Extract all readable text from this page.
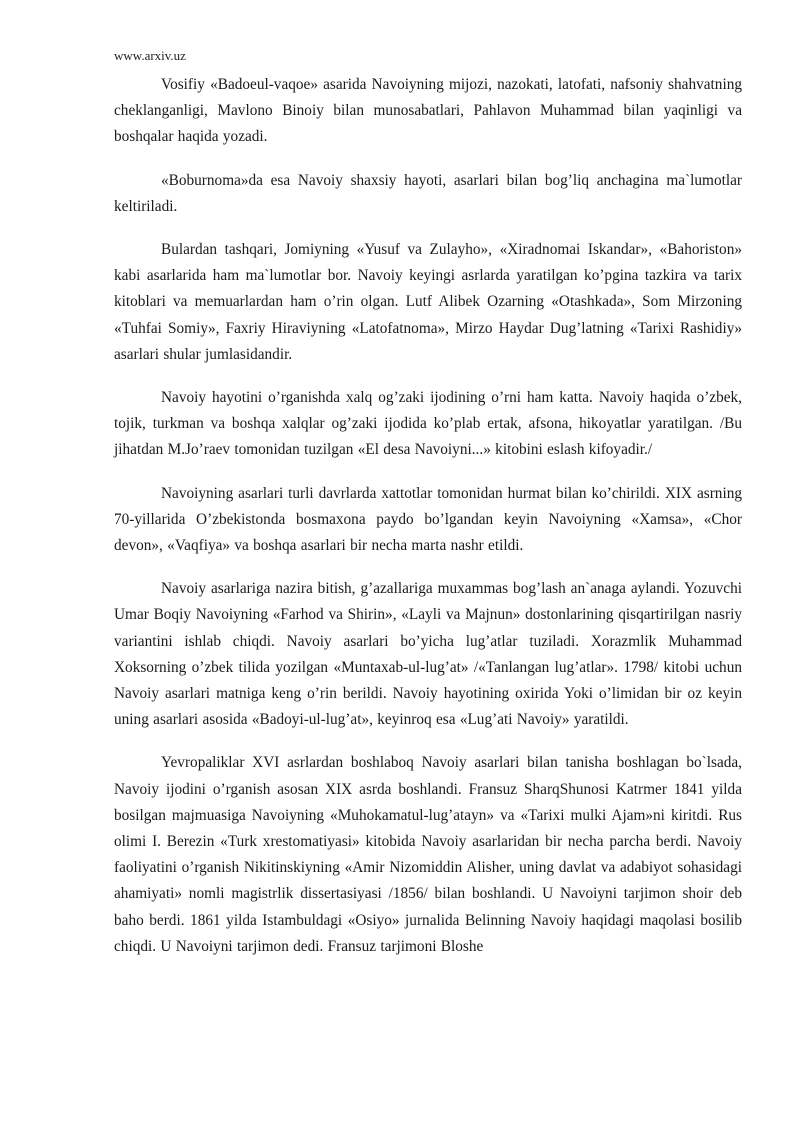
www.arxiv.uz

Vosifiy «Badoeul-vaqoe» asarida Navoiyning mijozi, nazokati, latofati, nafsoniy shahvatning cheklanganligi, Mavlono Binoiy bilan munosabatlari, Pahlavon Muhammad bilan yaqinligi va boshqalar haqida yozadi.

«Boburnoma»da esa Navoiy shaxsiy hayoti, asarlari bilan bog’liq anchagina ma`lumotlar keltiriladi.

Bulardan tashqari, Jomiyning «Yusuf va Zulayho», «Xiradnomai Iskandar», «Bahoriston» kabi asarlarida ham ma`lumotlar bor. Navoiy keyingi asrlarda yaratilgan ko’pgina tazkira va tarix kitoblari va memuarlardan ham o’rin olgan. Lutf Alibek Ozarning «Otashkada», Som Mirzoning «Tuhfai Somiy», Faxriy Hiraviyning «Latofatnoma», Mirzo Haydar Dug’latning «Tarixi Rashidiy» asarlari shular jumlasidandir.

Navoiy hayotini o’rganishda xalq og’zaki ijodining o’rni ham katta. Navoiy haqida o’zbek, tojik, turkman va boshqa xalqlar og’zaki ijodida ko’plab ertak, afsona, hikoyatlar yaratilgan. /Bu jihatdan M.Jo’raev tomonidan tuzilgan «El desa Navoiyni...» kitobini eslash kifoyadir./

Navoiyning asarlari turli davrlarda xattotlar tomonidan hurmat bilan ko’chirildi. XIX asrning 70-yillarida O’zbekistonda bosmaxona paydo bo’lgandan keyin Navoiyning «Xamsa», «Chor devon», «Vaqfiya» va boshqa asarlari bir necha marta nashr etildi.

Navoiy asarlariga nazira bitish, g’azallariga muxammas bog’lash an`anaga aylandi. Yozuvchi Umar Boqiy Navoiyning «Farhod va Shirin», «Layli va Majnun» dostonlarining qisqartirilgan nasriy variantini ishlab chiqdi. Navoiy asarlari bo’yicha lug’atlar tuziladi. Xorazmlik Muhammad Xoksorning o’zbek tilida yozilgan «Muntaxab-ul-lug’at» /«Tanlangan lug’atlar». 1798/ kitobi uchun Navoiy asarlari matniga keng o’rin berildi. Navoiy hayotining oxirida Yoki o’limidan bir oz keyin uning asarlari asosida «Badoyi-ul-lug’at», keyinroq esa «Lug’ati Navoiy» yaratildi.

Yevropaliklar XVI asrlardan boshlaboq Navoiy asarlari bilan tanisha boshlagan bo`lsada, Navoiy ijodini o’rganish asosan XIX asrda boshlandi. Fransuz SharqShunosi Katrmer 1841 yilda bosilgan majmuasiga Navoiyning «Muhokamatul-lug’atayn» va «Tarixi mulki Ajam»ni kiritdi. Rus olimi I. Berezin «Turk xrestomatiyasi» kitobida Navoiy asarlaridan bir necha parcha berdi. Navoiy faoliyatini o’rganish Nikitinskiyning «Amir Nizomiddin Alisher, uning davlat va adabiyot sohasidagi ahamiyati» nomli magistrlik dissertasiyasi /1856/ bilan boshlandi. U Navoiyni tarjimon shoir deb baho berdi. 1861 yilda Istambuldagi «Osiyo» jurnalida Belinning Navoiy haqidagi maqolasi bosilib chiqdi. U Navoiyni tarjimon dedi. Fransuz tarjimoni Bloshe
